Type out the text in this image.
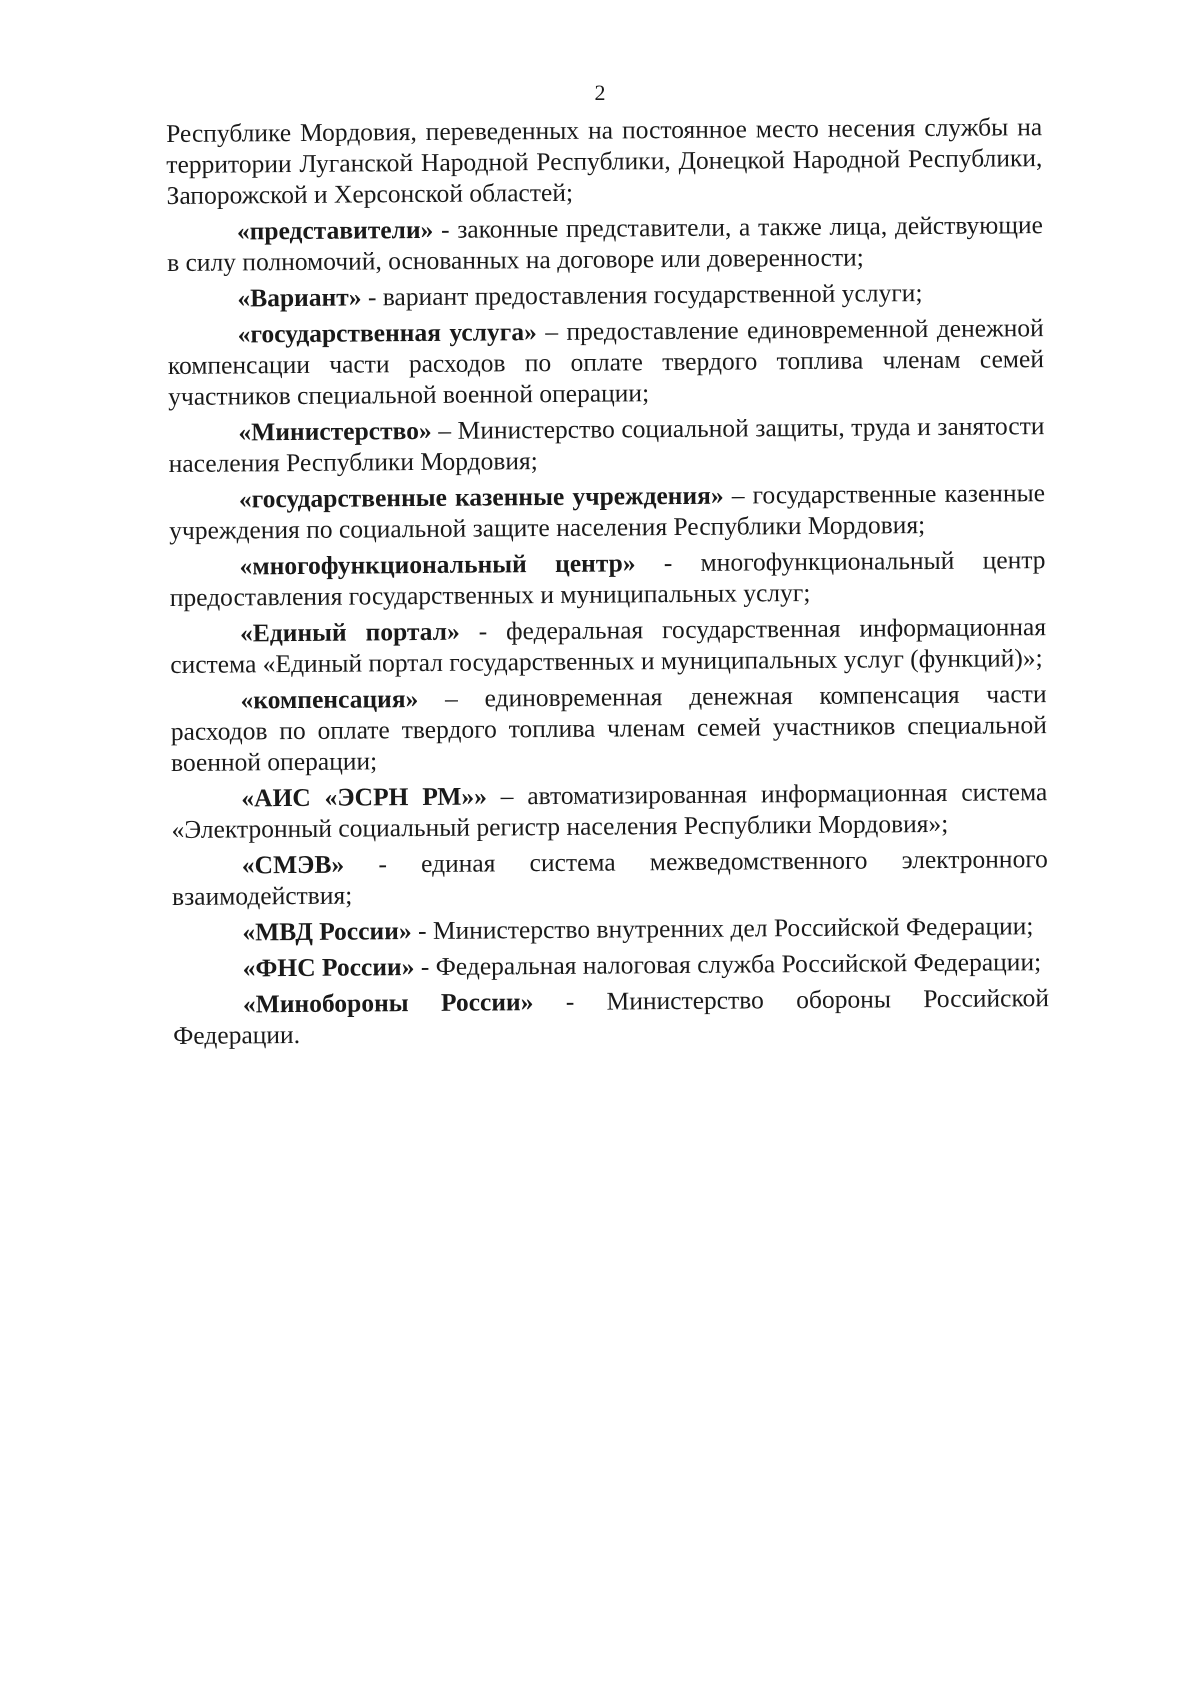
2

Республике Мордовия, переведенных на постоянное место несения службы на территории Луганской Народной Республики, Донецкой Народной Республики, Запорожской и Херсонской областей;

«представители» - законные представители, а также лица, действующие в силу полномочий, основанных на договоре или доверенности;

«Вариант» - вариант предоставления государственной услуги;

«государственная услуга» – предоставление единовременной денежной компенсации части расходов по оплате твердого топлива членам семей участников специальной военной операции;

«Министерство» – Министерство социальной защиты, труда и занятости населения Республики Мордовия;

«государственные казенные учреждения» – государственные казенные учреждения по социальной защите населения Республики Мордовия;

«многофункциональный центр» - многофункциональный центр предоставления государственных и муниципальных услуг;

«Единый портал» - федеральная государственная информационная система «Единый портал государственных и муниципальных услуг (функций)»;

«компенсация» – единовременная денежная компенсация части расходов по оплате твердого топлива членам семей участников специальной военной операции;

«АИС «ЭСРН РМ»» – автоматизированная информационная система «Электронный социальный регистр населения Республики Мордовия»;

«СМЭВ» - единая система межведомственного электронного взаимодействия;

«МВД России» - Министерство внутренних дел Российской Федерации;

«ФНС России» - Федеральная налоговая служба Российской Федерации;

«Минобороны России» - Министерство обороны Российской Федерации.
